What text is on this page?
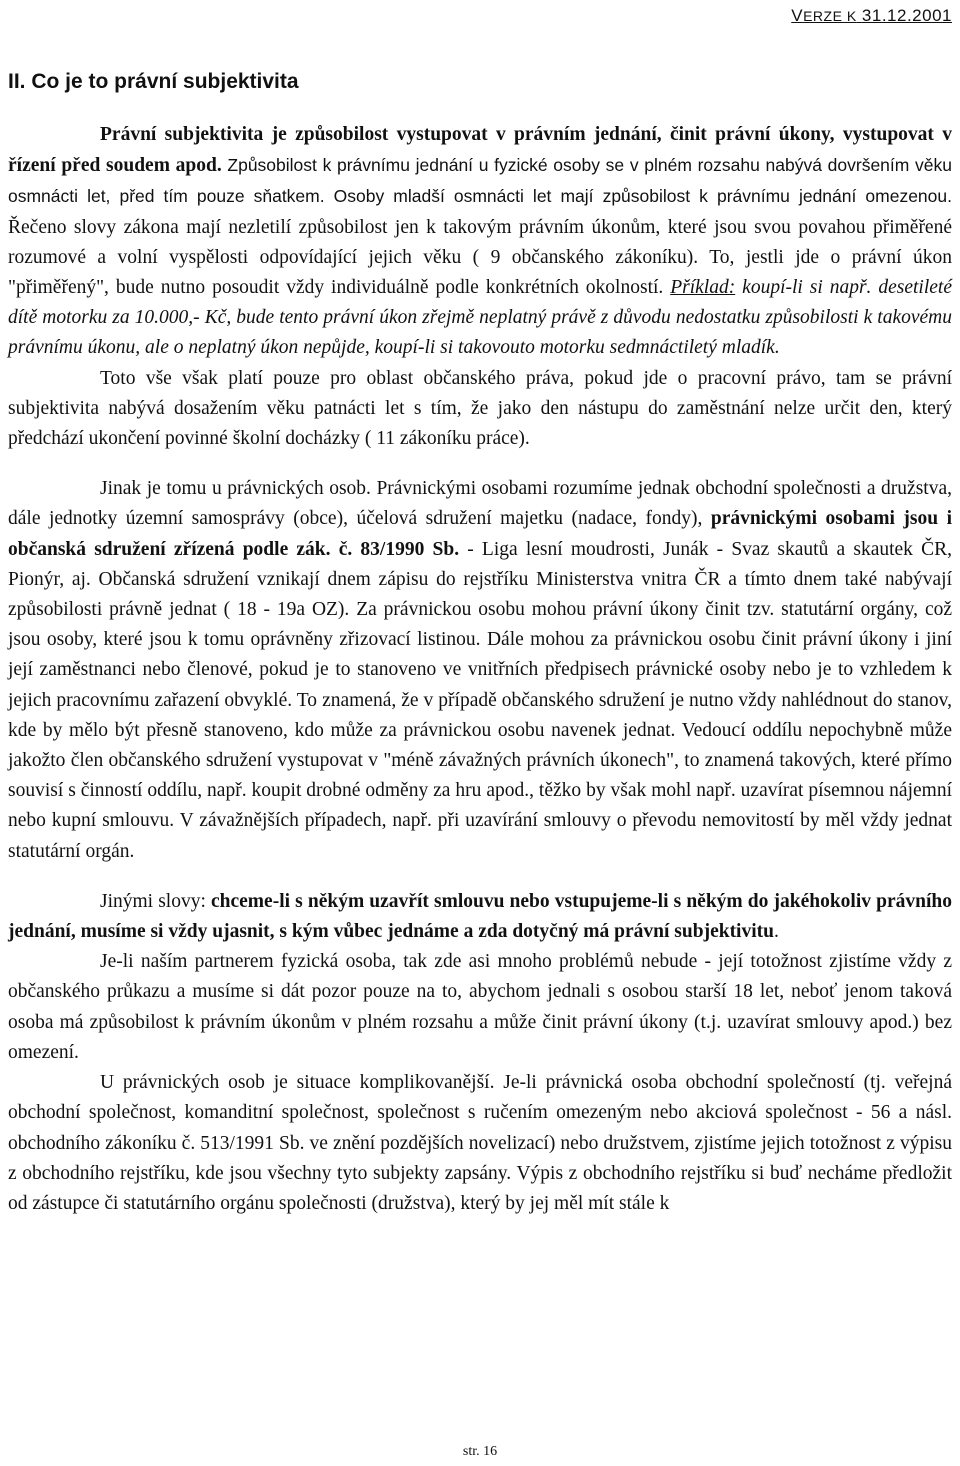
VERZE K 31.12.2001
II. Co je to právní subjektivita

Právní subjektivita je způsobilost vystupovat v právním jednání, činit právní úkony, vystupovat v řízení před soudem apod. Způsobilost k právnímu jednání u fyzické osoby se v plném rozsahu nabývá dovršením věku osmnácti let, před tím pouze sňatkem. Osoby mladší osmnácti let mají způsobilost k právnímu jednání omezenou. Řečeno slovy zákona mají nezletilí způsobilost jen k takovým právním úkonům, které jsou svou povahou přiměřené rozumové a volní vyspělosti odpovídající jejich věku ( 9 občanského zákoníku). To, jestli jde o právní úkon "přiměřený", bude nutno posoudit vždy individuálně podle konkrétních okolností. Příklad: koupí-li si např. desetileté dítě motorku za 10.000,- Kč, bude tento právní úkon zřejmě neplatný právě z důvodu nedostatku způsobilosti k takovému právnímu úkonu, ale o neplatný úkon nepůjde, koupí-li si takovouto motorku sedmnáctiletý mladík.

Toto vše však platí pouze pro oblast občanského práva, pokud jde o pracovní právo, tam se právní subjektivita nabývá dosažením věku patnácti let s tím, že jako den nástupu do zaměstnání nelze určit den, který předchází ukončení povinné školní docházky ( 11 zákoníku práce).

Jinak je tomu u právnických osob. Právnickými osobami rozumíme jednak obchodní společnosti a družstva, dále jednotky územní samosprávy (obce), účelová sdružení majetku (nadace, fondy), právnickými osobami jsou i občanská sdružení zřízená podle zák. č. 83/1990 Sb. - Liga lesní moudrosti, Junák - Svaz skautů a skautek ČR, Pionýr, aj. Občanská sdružení vznikají dnem zápisu do rejstříku Ministerstva vnitra ČR a tímto dnem také nabývají způsobilosti právně jednat ( 18 - 19a OZ). Za právnickou osobu mohou právní úkony činit tzv. statutární orgány, což jsou osoby, které jsou k tomu oprávněny zřizovací listinou. Dále mohou za právnickou osobu činit právní úkony i jiní její zaměstnanci nebo členové, pokud je to stanoveno ve vnitřních předpisech právnické osoby nebo je to vzhledem k jejich pracovnímu zařazení obvyklé. To znamená, že v případě občanského sdružení je nutno vždy nahlédnout do stanov, kde by mělo být přesně stanoveno, kdo může za právnickou osobu navenek jednat. Vedoucí oddílu nepochybně může jakožto člen občanského sdružení vystupovat v "méně závažných právních úkonech", to znamená takových, které přímo souvisí s činností oddílu, např. koupit drobné odměny za hru apod., těžko by však mohl např. uzavírat písemnou nájemní nebo kupní smlouvu. V závažnějších případech, např. při uzavírání smlouvy o převodu nemovitostí by měl vždy jednat statutární orgán.

Jinými slovy: chceme-li s někým uzavřít smlouvu nebo vstupujeme-li s někým do jakéhokoliv právního jednání, musíme si vždy ujasnit, s kým vůbec jednáme a zda dotyčný má právní subjektivitu.

Je-li naším partnerem fyzická osoba, tak zde asi mnoho problémů nebude - její totožnost zjistíme vždy z občanského průkazu a musíme si dát pozor pouze na to, abychom jednali s osobou starší 18 let, neboť jenom taková osoba má způsobilost k právním úkonům v plném rozsahu a může činit právní úkony (t.j. uzavírat smlouvy apod.) bez omezení.

U právnických osob je situace komplikovanější. Je-li právnická osoba obchodní společností (tj. veřejná obchodní společnost, komanditní společnost, společnost s ručením omezeným nebo akciová společnost - 56 a násl. obchodního zákoníku č. 513/1991 Sb. ve znění pozdějších novelizací) nebo družstvem, zjistíme jejich totožnost z výpisu z obchodního rejstříku, kde jsou všechny tyto subjekty zapsány. Výpis z obchodního rejstříku si buď necháme předložit od zástupce či statutárního orgánu společnosti (družstva), který by jej měl mít stále k

str. 16
